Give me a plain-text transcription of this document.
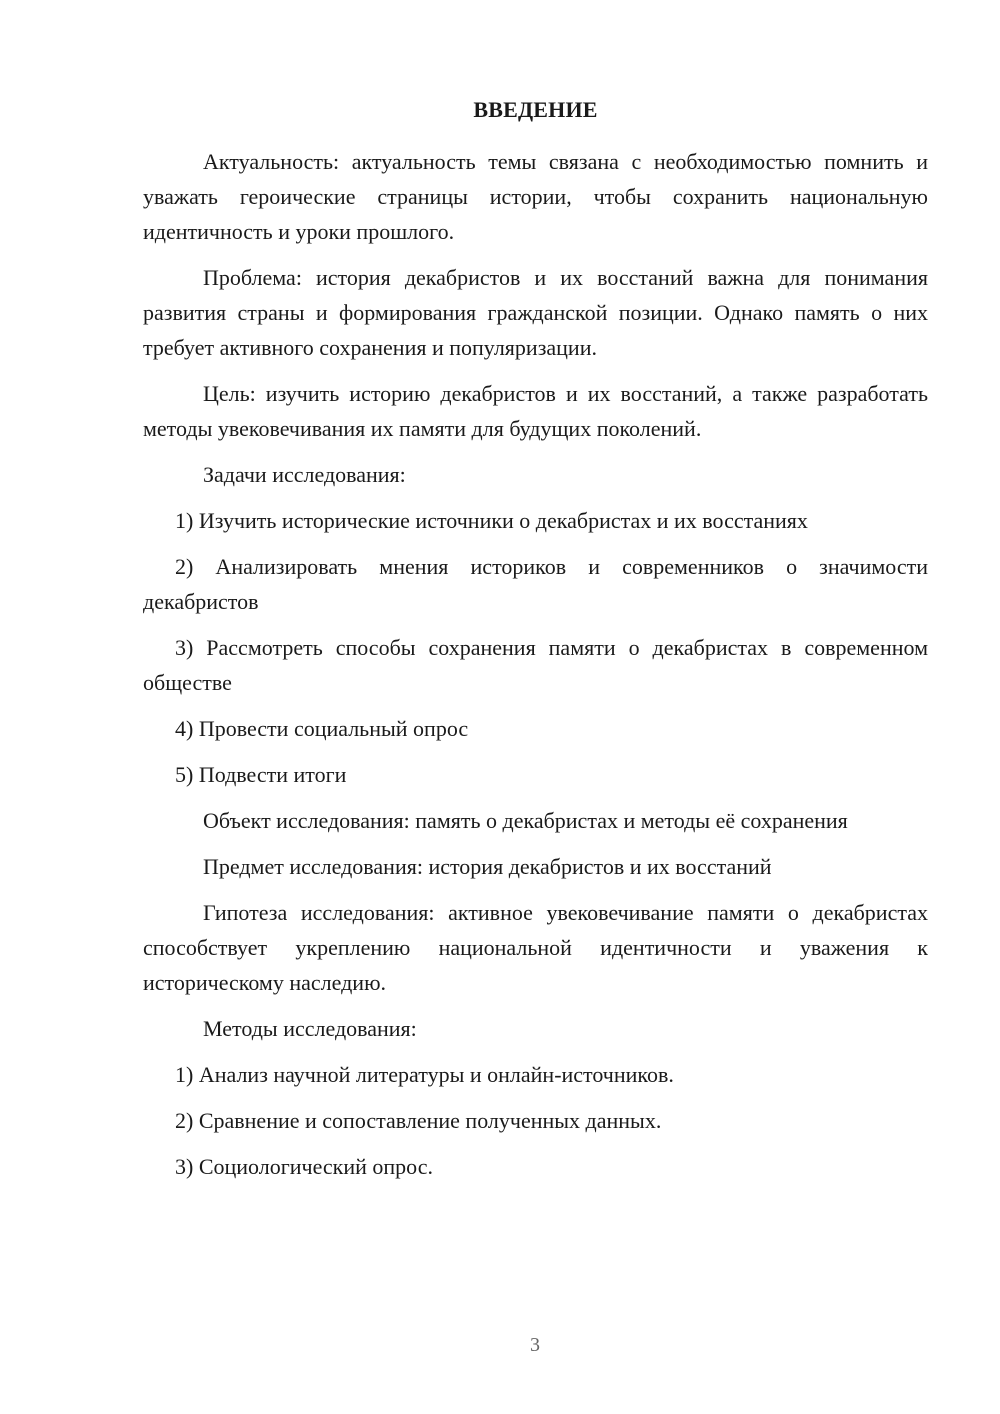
ВВЕДЕНИЕ

Актуальность: актуальность темы связана с необходимостью помнить и уважать героические страницы истории, чтобы сохранить национальную идентичность и уроки прошлого.

Проблема: история декабристов и их восстаний важна для понимания развития страны и формирования гражданской позиции. Однако память о них требует активного сохранения и популяризации.

Цель: изучить историю декабристов и их восстаний, а также разработать методы увековечивания их памяти для будущих поколений.

Задачи исследования:

1) Изучить исторические источники о декабристах и их восстаниях

2) Анализировать мнения историков и современников о значимости декабристов

3) Рассмотреть способы сохранения памяти о декабристах в современном обществе

4) Провести социальный опрос

5) Подвести итоги

Объект исследования: память о декабристах и методы её сохранения

Предмет исследования: история декабристов и их восстаний

Гипотеза исследования: активное увековечивание памяти о декабристах способствует укреплению национальной идентичности и уважения к историческому наследию.

Методы исследования:

1) Анализ научной литературы и онлайн-источников.

2) Сравнение и сопоставление полученных данных.

3) Социологический опрос.

3
